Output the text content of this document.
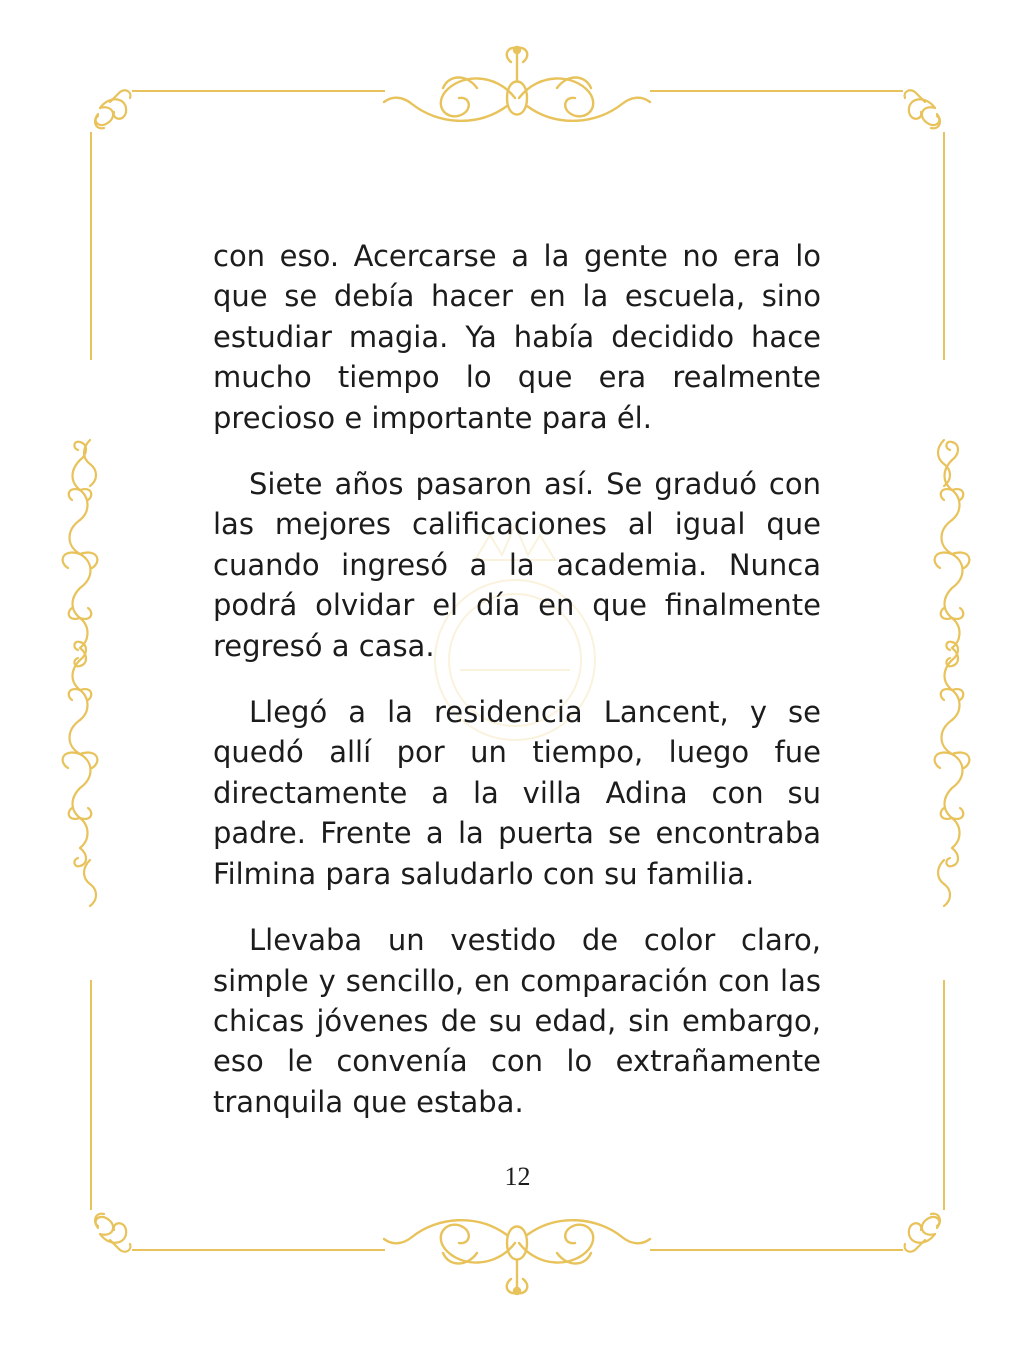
con eso. Acercarse a la gente no era lo que se debía hacer en la escuela, sino estudiar magia. Ya había decidido hace mucho tiempo lo que era realmente precioso e importante para él.

Siete años pasaron así. Se graduó con las mejores calificaciones al igual que cuando ingresó a la academia. Nunca podrá olvidar el día en que finalmente regresó a casa.

Llegó a la residencia Lancent, y se quedó allí por un tiempo, luego fue directamente a la villa Adina con su padre. Frente a la puerta se encontraba Filmina para saludarlo con su familia.

Llevaba un vestido de color claro, simple y sencillo, en comparación con las chicas jóvenes de su edad, sin embargo, eso le convenía con lo extrañamente tranquila que estaba.

12
